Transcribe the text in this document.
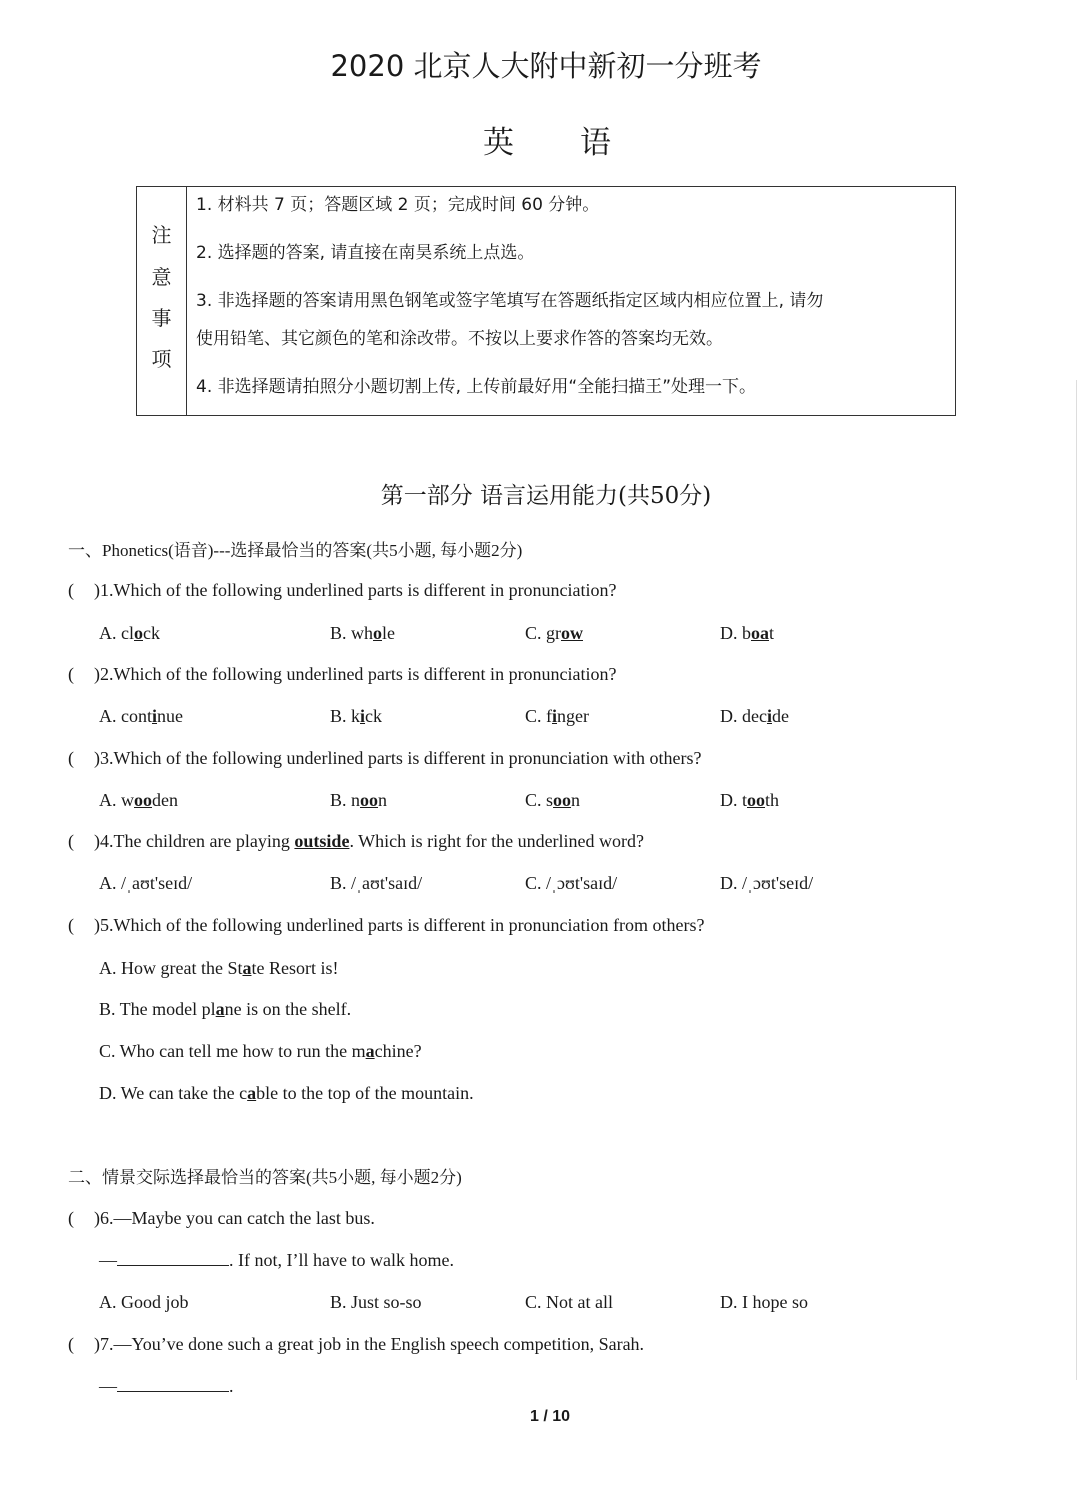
2020 北京人大附中新初一分班考
英 语
注
意
事
项
1. 材料共 7 页；答题区域 2 页；完成时间 60 分钟。
2. 选择题的答案, 请直接在南昊系统上点选。
3. 非选择题的答案请用黑色钢笔或签字笔填写在答题纸指定区域内相应位置上, 请勿
使用铅笔、其它颜色的笔和涂改带。不按以上要求作答的答案均无效。
4. 非选择题请拍照分小题切割上传, 上传前最好用“全能扫描王”处理一下。
第一部分 语言运用能力(共50分)
一、Phonetics(语音)---选择最恰当的答案(共5小题, 每小题2分)
( )1.Which of the following underlined parts is different in pronunciation?
A. clock	B. whole	C. grow	D. boat
( )2.Which of the following underlined parts is different in pronunciation?
A. continue	B. kick	C. finger	D. decide
( )3.Which of the following underlined parts is different in pronunciation with others?
A. wooden	B. noon	C. soon	D. tooth
( )4.The children are playing outside. Which is right for the underlined word?
A. /ˌaʊt'seɪd/	B. /ˌaʊt'saɪd/	C. /ˌɔʊt'saɪd/	D. /ˌɔʊt'seɪd/
( )5.Which of the following underlined parts is different in pronunciation from others?
A. How great the State Resort is!
B. The model plane is on the shelf.
C. Who can tell me how to run the machine?
D. We can take the cable to the top of the mountain.
二、情景交际选择最恰当的答案(共5小题, 每小题2分)
( )6.—Maybe you can catch the last bus.
—	. If not, I’ll have to walk home.
A. Good job	B. Just so-so	C. Not at all	D. I hope so
( )7.—You’ve done such a great job in the English speech competition, Sarah.
—	.
1 / 10
